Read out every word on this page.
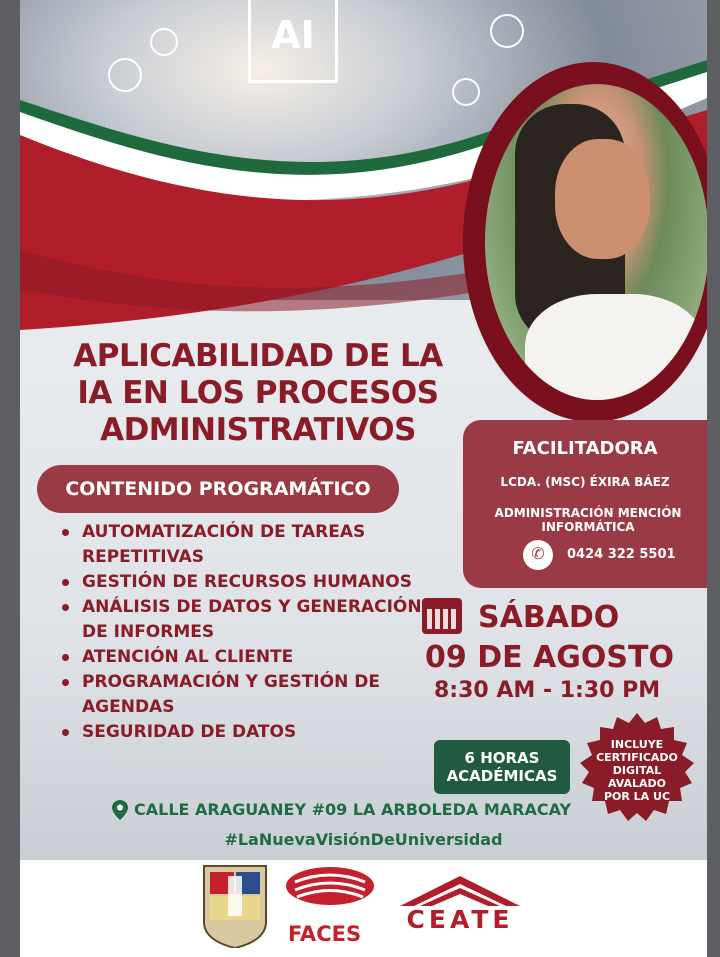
AI
APLICABILIDAD DE LA
IA EN LOS PROCESOS
ADMINISTRATIVOS
CONTENIDO PROGRAMÁTICO
AUTOMATIZACIÓN DE TAREAS REPETITIVAS
GESTIÓN DE RECURSOS HUMANOS
ANÁLISIS DE DATOS Y GENERACIÓN DE INFORMES
ATENCIÓN AL CLIENTE
PROGRAMACIÓN Y GESTIÓN DE AGENDAS
SEGURIDAD DE DATOS
FACILITADORA
LCDA. (MSC) ÉXIRA BÁEZ
ADMINISTRACIÓN MENCIÓN INFORMÁTICA
✆	0424 322 5501
SÁBADO
09 DE AGOSTO
8:30 AM - 1:30 PM
6 HORAS
ACADÉMICAS
INCLUYE
CERTIFICADO
DIGITAL
AVALADO
POR LA UC
CALLE ARAGUANEY #09 LA ARBOLEDA MARACAY
#LaNuevaVisiónDeUniversidad
FACES	CEATE
